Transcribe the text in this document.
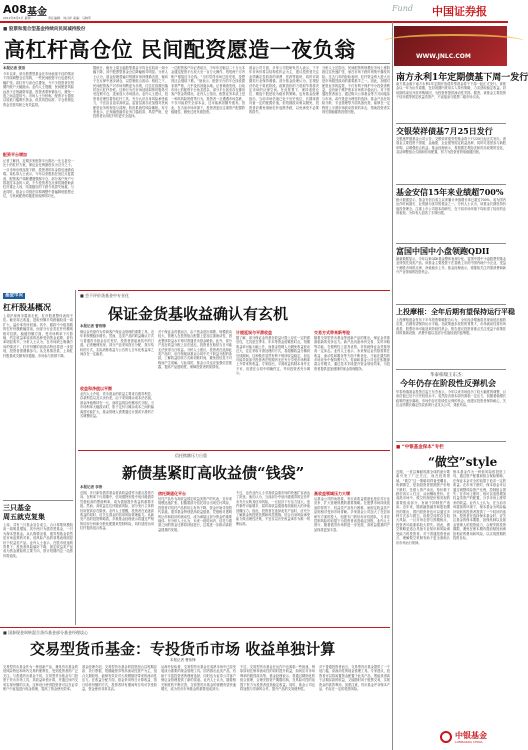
A08 基金
2012年8月6日 星期一	责任编辑：刘兴祥 美编：马晓军
Fund 中国证券报
■ 股票和混合型基金持续向民间减持股份
高杠杆高仓位 民间配资愿造一夜负翁
本报记者 张洁
今年以来，部分股票型基金在市场表现不佳的情况下持续调整仓位结构，一些民间配资平台也借机大幅扩张。高杠杆与高仓位叠加，令不少投资者在短期内账户大幅缩水。业内人士提醒，民间配资风险远高于正规融资渠道，投资者需审慎参与，避免一夜之间由盈转亏。市场人士分析称，配资平台通常以较低门槛吸引资金，但其风控标准、平仓机制及资金托管均缺乏有效监管。
配资平台增加
记者了解到，近期多家配资平台推出一比五甚至一比十的杠杆方案，保证金比例最低仅为百分之十。一旦市场出现连续下跌，投资者的本金将迅速被吞噬。某私募人士表示，今年以来股指在低位反复震荡，配资客户频繁遭遇强制平仓，部分客户账户亏损超过本金的八成。不少投资者在反弹初期借助高杠杆重仓入场，结果随后的下跌令其损失惨重。与此同时，基金公司则在结构调整中普遍降低股票仓位，与民间配资的激进形成鲜明对比。
据统计，截至上周五偏股型基金平均仓位较前一周小幅下降，其中股票型基金仓位降幅相对明显。分析人士认为，基金经理普遍对短期市场持谨慎态度，倾向于在反弹中逐步减仓，以控制组合波动。相较之下，民间配资客户对市场判断更为乐观，往往在指数回落时加大杠杆抄底。这种行为在市场延续弱势时极易引发连锁平仓，进而放大市场波动。业内人士建议，投资者应理性看待杠杆工具，充分认识自身风险承受能力，不宜盲目追求高收益。监管层面亦应加强对民间配资业务的规范与清理，防范系统性风险累积。有专家表示，正规融资融券业务门槛较高、风控严格，是投资者运用杠杆的更安全选择。
一位配资客户向记者坦言，今年年初他以二十万元本金通过配资平台放大至一百万元操作，短短两个月内账户便接近平仓线。“当时觉得市场已经见底，没想到还会继续下跌。”他表示，配资平台的平仓线设置非常严格，几乎没有回旋余地。记者调查发现，目前市场上的配资平台鱼龙混杂，部分平台甚至存在挪用客户资金的情况。业内人士指出，配资业务本质上是一种高风险的借贷行为，投资者一旦遭遇市场急跌，不仅可能损失全部本金，还可能承担额外债务。因此，在当前市场环境下，投资者更应注重资产配置的稳健性，避免过度负债投资。
基金公司方面，多家公司投研负责人表示，下半年市场仍将以结构性机会为主，建议投资者关注业绩确定性较高的消费、医药等板块，同时对周期类行业保持谨慎。部分基金经理认为，宏观经济仍处于筑底阶段，政策放松的力度和节奏将决定市场的反弹空间。在此背景下，保持适度仓位、精选个股是较为稳妥的策略。也有基金经理指出，当前市场估值已处于历史低位，长期来看具备一定的配置价值，但短期波动难以避免，投资者应避免借助杠杆追涨杀跌，以免承受不必要的损失。
分析人士还指出，民间配资的规模在市场上涨阶段往往快速扩张，而在市场下跌时则集中爆发风险。过去几年的经验表明，杠杆资金的大进大出是市场剧烈波动的重要推手之一。因此，加强对配资业务的监管，不仅有利于保护中小投资者利益，也有助于维护资本市场的平稳运行。对于普通投资者而言，通过购买公募基金等方式间接参与市场，或许是更为理性的选择。基金产品在风险分散、专业管理等方面具备优势，能够在一定程度上平滑市场波动带来的冲击，帮助投资者实现长期稳健的投资回报。
基金市况
杠杆股基概况
上周沪深两市震荡走低，杠杆股基整体表现不佳。截至周五收盘，进取份额平均跌幅较前一周扩大，溢价率有所回落。其中，跟踪中小板指数的杠杆份额跌幅居前，而部分行业类杠杆份额则相对抗跌。稳健份额方面，受市场利率下行影响，约定收益率较高的品种受到资金追捧，折价率明显收窄。分析人士认为，在市场缺乏明确方向的情况下，杠杆份额的高波动特征将进一步显现，投资者需谨慎参与。从交易情况看，上周杠杆股基成交额有所萎缩，市场参与热情下降。
三只基金
周五就克复集
上周，共有三只基金宣告成立，合计募集规模较前一周明显增加。其中两只为债券型基金，一只为保本型基金。从认购情况看，债券型基金依然是市场追捧的对象，低风险产品的募集表现明显好于权益类产品。业内人士表示，在股市低迷的背景下，投资者风险偏好下降，固定收益类产品成为资金避险的主要方向，预计短期内这一趋势仍将延续。
■ 会不评价货基金中专业化
保证金货基收益确认有玄机
本报记者 曹伟锋
保证金货基作为券商客户保证金管理的重要工具，近年来规模稳步增长。然而，这类产品的收益确认方式与普通货币基金存在差异，投资者需留意其中的门道。记者梳理发现，部分产品采用按日分配、按月结转的方式，实际到账收益与公告的七日年化收益率之间存在一定偏差。
收益和净值以平衡
业内人士介绍，货币基金的收益主要来自债券利息、存款利息以及买卖价差。由于采用摊余成本法估值，基金净值维持在一元，而收益则以份额形式分配。当市场利率大幅波动时，影子定价与摊余成本之间的偏离度可能扩大，基金管理人需要通过计提或平滑的方式调整收益。
对于保证金货基而言，由于资金进出频繁，规模波动较大，管理人在投资组合配置上更加注重流动性，因此整体收益水平相对普通货币基金略低。此外，部分产品在收益分配上存在延迟，投资者在赎回当日可能无法获得当日收益。分析人士建议，投资者在选择此类产品时，应仔细阅读基金合同中关于收益分配的条款，了解收益结转方式和到账时间，避免因信息不对称而产生误解。与此同时，基金公司也应加强信息披露，提高产品透明度，保障投资者的知情权。
计提延误与平滑收益
据了解，部分保证金货基在收益计提上存在一定的滞后性，尤其是在季末、年末等资金面紧张时点，短期收益率可能大幅上升，而基金管理人为避免收益波动过大，往往采取平滑处理的方式，将超额收益分摊到后续期间。这种做法虽然有利于保持收益稳定，但也可能导致部分投资者在短期内无法充分享受市场利率上升带来的收益。专家指出，平滑收益机制本身并无不妥，但需在合同中明确约定，并向投资者充分揭示。
交易方式带来新考验
随着交易型货币基金等创新产品的推出，保证金货基面临新的竞争压力。新产品具备场内交易、实时申赎等功能，在便利性上更具优势，对传统保证金货基形成一定冲击。业内人士表示，未来保证金货基需要在收益、流动性和服务等方面不断优化，才能在激烈的市场竞争中保持吸引力。券商和基金公司也在积极探索合作模式，通过技术手段提升资金划转效率，为投资者提供更加便捷的现金管理服务。
信托赎额压力日重
新债基紧盯高收益债“钱袋”
本报记者 李涛
近期，多只新发债券基金将高收益债作为重点投资方向。在利率下行周期中，信用债特别是中低评级债券凭借较高的票面利率，成为债基提升收益的重要手段。然而，高收益往往伴随高风险，部分发行主体的信用资质存在隐忧。业内人士提醒，投资者在追逐高收益的同时，应关注基金的信用风险管理能力。从新发产品的投资策略看，多数基金经理表示将通过严格的信用分析和分散化配置来控制风险，同时适度运用杠杆提高组合收益。
信托渠道化平台
信托产品作为高收益固定收益类资产的代表，近年来规模迅速扩张。但随着部分信托项目出现兑付风险，投资者对信托产品的信心有所下降，资金开始寻找替代渠道。债券基金特别是高收益债基，凭借相对透明的运作和较好的流动性，成为承接这部分资金的重要载体。有分析人士认为，未来一段时间内，信托与债基之间的资金迁移将持续进行，这将进一步推动高收益债基的发展。
不过，也有业内人士对高收益债市场的快速扩容表达了担忧。他们认为，当前部分中低评级债券的定价并未充分反映其信用风险，一旦经济下行压力加大，违约事件可能增多，届时高收益债基将面临较大的净值回撤压力。因此，投资者在选择此类产品时，应充分了解基金的投资范围和风控措施，结合自身风险承受能力做出理性决策，不宜仅以历史收益率作为唯一判断标准。
高收益领域压力大增
从基金公司的角度看，发行高收益债基也是应对行业竞争、扩大管理规模的重要策略。在股票市场持续低迷的背景下，权益类产品发行困难，而固定收益类产品则相对受到市场青睐。多家基金公司加大了在信用研究方面的投入，组建专门的信用评估团队，力求在控制风险的前提下为投资者创造稳定回报。业内人士预计，随着债券市场的进一步发展，高收益债基的产品线将更加丰富。
■ 国泰现金周转混合货币基金部分基金经理谈心
交易型货币基金：专投货币市场 收益单独计算
本报记者 曹伟锋
交易型货币基金作为一种创新产品，兼具货币基金的低风险特征和场内交易的便利性，受到投资者的广泛关注。与普通货币基金不同，交易型货币基金专门投资于货币市场工具，其收益单独计算，并通过场内交易实现份额的买卖。这种设计使得投资者可以在证券账户中直接进行现金管理，提高了资金使用效率。
基金经理介绍，交易型货币基金的投资组合以短期存款、央行票据、短期融资券等高流动性资产为主，组合久期较短，能够有效应对大规模赎回带来的流动性压力。在收益分配方面，基金采用每日计算收益、按日结转份额的方式，投资者持有期间每日均可享受收益，资金使用非常灵活。
从海外经验看，交易型货币基金在成熟市场中已经发展成为重要的现金管理工具。国内推出此类产品，有助于丰富投资者的理财选择，同时也为证券公司客户保证金管理提供了新的渠道。业内人士认为，随着相关制度的不断完善，交易型货币基金的规模有望快速增长，成为货币市场基金的重要组成部分。
不过，交易型货币基金在运作中也面临一些挑战，例如如何在保持流动性的同时提升收益，如何应对市场利率的剧烈波动等。基金经理表示，将通过精细化的组合管理，合理安排资产期限结构，在风险可控的前提下努力为投资者创造稳定收益。同时，基金公司也将加强与券商的合作，提升产品的交易便利性。
对于普通投资者而言，交易型货币基金提供了一个低门槛、高流动性的现金管理工具。专家建议，投资者可以将闲置资金配置于此类产品，既能获得高于活期存款的收益，又能随时用于股票交易，实现资金的高效利用。但需注意，货币基金并非保本产品，仍存在一定的投资风险。
WWW.JNLC.COM
南方永利1年定期债基下周一发行
南方基金旗下南方永利1年定期开放债券型基金将于下周一起正式发行。该基金以一年为运作周期，在封闭期内采用买入持有策略，力求获取稳定收益。封闭期结束后开放申购赎回，为投资者提供流动性安排。据悉，该基金主要投资于信用债等固定收益类资产，不直接参与股票二级市场买卖。
交银荣祥债基7月25日发行
交银施罗德基金公司公告，交银荣祥债券型基金将于7月25日起正式发行。该基金主要投资于国债、金融债、企业债等固定收益品种，同时可适度参与新股申购，以增强组合收益。基金经理表示，将根据宏观经济和货币政策的变化，灵活调整组合久期和信用配置，努力为投资者获取稳健回报。
基金安信15年来业绩超700%
统计数据显示，基金安信自成立以来累计净值增长率已超过700%，成为国内运作时间最长、业绩最为优异的基金之一。分析人士认为，该基金长期坚持价值投资理念，注重上市公司基本面研究，在不同市场环境下均取得了较好的业绩表现，为持有人创造了丰厚回报。
富国中国中小盘领跑QDII
最新数据显示，今年以来QDII基金整体表现分化，富国中国中小盘股票型基金业绩领先同类产品。该基金主要投资于在香港上市的中国内地中小企业，受益于港股市场的反弹，净值稳步上升。基金经理表示，将继续关注内需消费和新兴产业领域的投资机会。
上投摩根：全年后期有望保持运行平稳
上投摩根基金发布下半年投资策略报告认为，全年经济增速将呈现前低后稳的走势，后期有望保持运行平稳。在政策逐步放松的背景下，市场流动性将有所改善，股票市场可能迎来阶段性机会。报告建议投资者重点关注受益于政策扶持的基础设施、消费升级以及部分估值较低的蓝筹股。
华泰柏瑞王东杰：
今年仍存在阶段性反弹机会
华泰柏瑞基金投资总监王东杰表示，今年以来市场经历了较大幅度的调整，目前估值已处于历史较低水平。虽然经济基本面仍面临一定压力，但随着稳增长政策的逐步落地，市场仍存在阶段性反弹的机会。他建议投资者保持耐心，关注业绩增长确定性较高的行业龙头公司，逢低布局。
■ “中银基金保本”专栏
“做空”style
近期，一首以舞蹈风靡全球的流行歌曲引发了广泛关注，而在投资领域，“做空”这一策略同样备受瞩目。所谓做空，是指投资者预期资产价格下跌时，先借入资产卖出，待价格下跌后再买入归还，从而赚取差价。在成熟市场中，做空机制是价格发现的重要组成部分，有助于抑制资产泡沫。近年来，随着融资融券和股指期货的推出，国内投资者也可以通过多种方式参与做空。但做空同样存在较大风险，一旦市场走势与预期相反，投资者可能面临较大损失。因此，做空策略更适合具备专业知识和风险承受能力的投资者。对于普通投资者而言，理解做空机制有助于更全面地认识市场运行规律。
保本基金作为一种低风险的投资工具，通过资产配置和组合保险策略，在保证本金安全的前提下追求一定的收益。在市场下跌时，保本基金可以通过调整风险资产比例，控制组合损失；在市场上涨时，则可以适度增加权益类资产的配置，分享市场上涨带来的收益。业内人士认为，在当前市场震荡的环境下，保本基金为风险偏好较低的投资者提供了一个较好的选择。投资者在选择保本基金时，应关注基金的保本期限、担保机制以及基金管理人的投资能力，合理安排投资期限，避免在保本期内提前赎回而承担相应的费用和风险，以实现预期的投资目标。
中银基金
LOMBARDA CHINA
